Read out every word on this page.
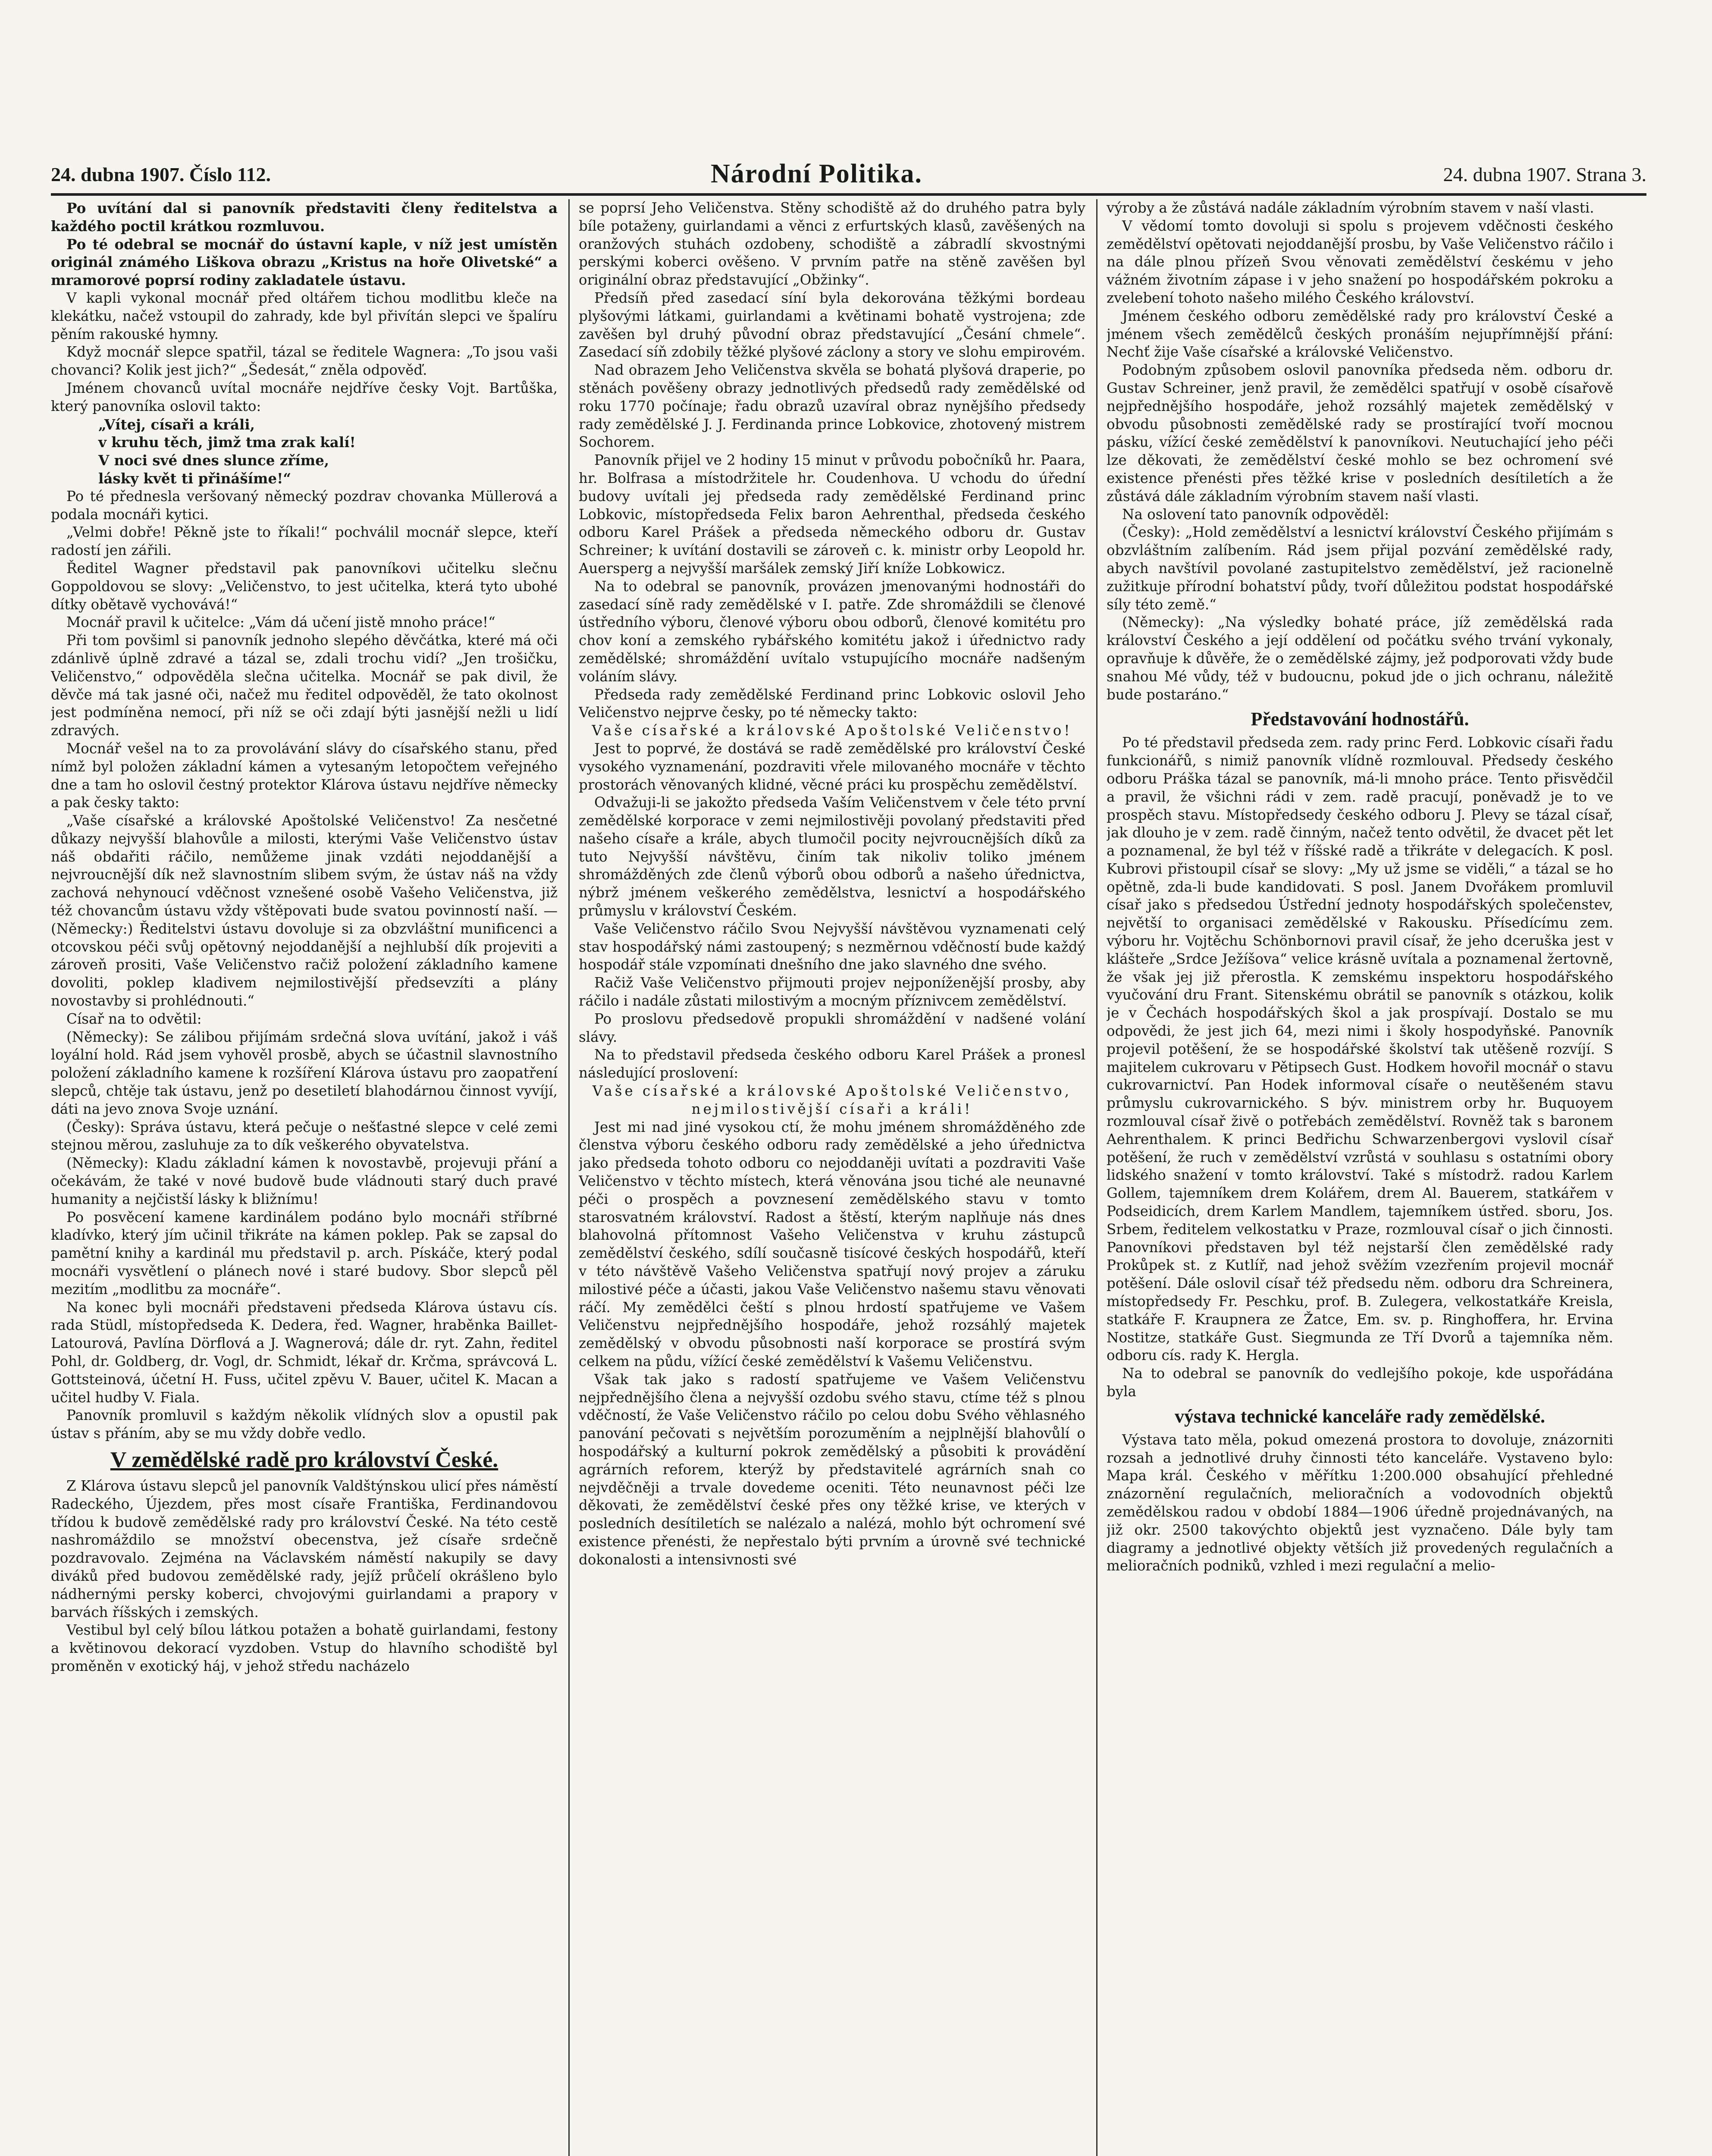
24. dubna 1907. Číslo 112.	Národní Politika.	24. dubna 1907. Strana 3.

Po uvítání dal si panovník představiti členy ředitelstva a každého poctil krátkou rozmluvou.

Po té odebral se mocnář do ústavní kaple, v níž jest umístěn originál známého Liškova obrazu „Kristus na hoře Olivetské“ a mramorové poprsí rodiny zakladatele ústavu.

V kapli vykonal mocnář před oltářem tichou modlitbu kleče na klekátku, načež vstoupil do zahrady, kde byl přivítán slepci ve špalíru pěním rakouské hymny.

Když mocnář slepce spatřil, tázal se ředitele Wagnera: „To jsou vaši chovanci? Kolik jest jich?“ „Šedesát,“ zněla odpověď.

Jménem chovanců uvítal mocnáře nejdříve česky Vojt. Bartůška, který panovníka oslovil takto:

„Vítej, císaři a králi,

v kruhu těch, jimž tma zrak kalí!

V noci své dnes slunce zříme,

lásky květ ti přinášíme!“

Po té přednesla veršovaný německý pozdrav chovanka Müllerová a podala mocnáři kytici.

„Velmi dobře! Pěkně jste to říkali!“ pochválil mocnář slepce, kteří radostí jen zářili.

Ředitel Wagner představil pak panovníkovi učitelku slečnu Goppoldovou se slovy: „Veličenstvo, to jest učitelka, která tyto ubohé dítky obětavě vychovává!“

Mocnář pravil k učitelce: „Vám dá učení jistě mnoho práce!“

Při tom povšiml si panovník jednoho slepého děvčátka, které má oči zdánlivě úplně zdravé a tázal se, zdali trochu vidí? „Jen trošičku, Veličenstvo,“ odpověděla slečna učitelka. Mocnář se pak divil, že děvče má tak jasné oči, načež mu ředitel odpověděl, že tato okolnost jest podmíněna nemocí, při níž se oči zdají býti jasnější nežli u lidí zdravých.

Mocnář vešel na to za provolávání slávy do císařského stanu, před nímž byl položen základní kámen a vytesaným letopočtem veřejného dne a tam ho oslovil čestný protektor Klárova ústavu nejdříve německy a pak česky takto:

„Vaše císařské a královské Apoštolské Veličenstvo! Za nesčetné důkazy nejvyšší blahovůle a milosti, kterými Vaše Veličenstvo ústav náš obdařiti ráčilo, nemůžeme jinak vzdáti nejoddanější a nejvroucnější dík než slavnostním slibem svým, že ústav náš na vždy zachová nehynoucí vděčnost vznešené osobě Vašeho Veličenstva, již též chovancům ústavu vždy vštěpovati bude svatou povinností naší. — (Německy:) Ředitelstvi ústavu dovoluje si za obzvláštní munificenci a otcovskou péči svůj opětovný nejoddanější a nejhlubší dík projeviti a zároveň prositi, Vaše Veličenstvo račiž položení základního kamene dovoliti, poklep kladivem nejmilostivější předsevzíti a plány novostavby si prohlédnouti.“

Císař na to odvětil:

(Německy): Se zálibou přijímám srdečná slova uvítání, jakož i váš loyální hold. Rád jsem vyhověl prosbě, abych se účastnil slavnostního položení základního kamene k rozšíření Klárova ústavu pro zaopatření slepců, chtěje tak ústavu, jenž po desetiletí blahodárnou činnost vyvíjí, dáti na jevo znova Svoje uznání.

(Česky): Správa ústavu, která pečuje o nešťastné slepce v celé zemi stejnou měrou, zasluhuje za to dík veškerého obyvatelstva.

(Německy): Kladu základní kámen k novostavbě, projevuji přání a očekávám, že také v nové budově bude vládnouti starý duch pravé humanity a nejčistší lásky k bližnímu!

Po posvěcení kamene kardinálem podáno bylo mocnáři stříbrné kladívko, který jím učinil třikráte na kámen poklep. Pak se zapsal do pamětní knihy a kardinál mu představil p. arch. Pískáče, který podal mocnáři vysvětlení o plánech nové i staré budovy. Sbor slepců pěl mezitím „modlitbu za mocnáře“.

Na konec byli mocnáři představeni předseda Klárova ústavu cís. rada Stüdl, místopředseda K. Dedera, řed. Wagner, hraběnka Baillet-Latourová, Pavlína Dörflová a J. Wagnerová; dále dr. ryt. Zahn, ředitel Pohl, dr. Goldberg, dr. Vogl, dr. Schmidt, lékař dr. Krčma, správcová L. Gottsteinová, účetní H. Fuss, učitel zpěvu V. Bauer, učitel K. Macan a učitel hudby V. Fiala.

Panovník promluvil s každým několik vlídných slov a opustil pak ústav s přáním, aby se mu vždy dobře vedlo.

V zemědělské radě pro království České.

Z Klárova ústavu slepců jel panovník Valdštýnskou ulicí přes náměstí Radeckého, Újezdem, přes most císaře Františka, Ferdinandovou třídou k budově zemědělské rady pro království České. Na této cestě nashromáždilo se množství obecenstva, jež císaře srdečně pozdravovalo. Zejména na Václavském náměstí nakupily se davy diváků před budovou zemědělské rady, jejíž průčelí okrášleno bylo nádhernými persky koberci, chvojovými guirlandami a prapory v barvách říšských i zemských.

Vestibul byl celý bílou látkou potažen a bohatě guirlandami, festony a květinovou dekorací vyzdoben. Vstup do hlavního schodiště byl proměněn v exotický háj, v jehož středu nacházelo

se poprsí Jeho Veličenstva. Stěny schodiště až do druhého patra byly bíle potaženy, guirlandami a věnci z erfurtských klasů, zavěšených na oranžových stuhách ozdobeny, schodiště a zábradlí skvostnými perskými koberci ověšeno. V prvním patře na stěně zavěšen byl originální obraz představující „Obžinky“.

Předsíň před zasedací síní byla dekorována těžkými bordeau plyšovými látkami, guirlandami a květinami bohatě vystrojena; zde zavěšen byl druhý původní obraz představující „Česání chmele“. Zasedací síň zdobily těžké plyšové záclony a story ve slohu empirovém.

Nad obrazem Jeho Veličenstva skvěla se bohatá plyšová draperie, po stěnách pověšeny obrazy jednotlivých předsedů rady zemědělské od roku 1770 počínaje; řadu obrazů uzavíral obraz nynějšího předsedy rady zemědělské J. J. Ferdinanda prince Lobkovice, zhotovený mistrem Sochorem.

Panovník přijel ve 2 hodiny 15 minut v průvodu pobočníků hr. Paara, hr. Bolfrasa a místodržitele hr. Coudenhova. U vchodu do úřední budovy uvítali jej předseda rady zemědělské Ferdinand princ Lobkovic, místopředseda Felix baron Aehrenthal, předseda českého odboru Karel Prášek a předseda německého odboru dr. Gustav Schreiner; k uvítání dostavili se zároveň c. k. ministr orby Leopold hr. Auersperg a nejvyšší maršálek zemský Jiří kníže Lobkowicz.

Na to odebral se panovník, provázen jmenovanými hodnostáři do zasedací síně rady zemědělské v I. patře. Zde shromáždili se členové ústředního výboru, členové výboru obou odborů, členové komitétu pro chov koní a zemského rybářského komitétu jakož i úřednictvo rady zemědělské; shromáždění uvítalo vstupujícího mocnáře nadšeným voláním slávy.

Předseda rady zemědělské Ferdinand princ Lobkovic oslovil Jeho Veličenstvo nejprve česky, po té německy takto:

Vaše císařské a královské Apoštolské Veličenstvo!

Jest to poprvé, že dostává se radě zemědělské pro království České vysokého vyznamenání, pozdraviti vřele milovaného mocnáře v těchto prostorách věnovaných klidné, věcné práci ku prospěchu zemědělství.

Odvažuji-li se jakožto předseda Vaším Veličenstvem v čele této první zemědělské korporace v zemi nejmilostivěji povolaný představiti před našeho císaře a krále, abych tlumočil pocity nejvroucnějších díků za tuto Nejvyšší návštěvu, činím tak nikoliv toliko jménem shromážděných zde členů výborů obou odborů a našeho úřednictva, nýbrž jménem veškerého zemědělstva, lesnictví a hospodářského průmyslu v království Českém.

Vaše Veličenstvo ráčilo Svou Nejvyšší návštěvou vyznamenati celý stav hospodářský námi zastoupený; s nezměrnou vděčností bude každý hospodář stále vzpomínati dnešního dne jako slavného dne svého.

Račiž Vaše Veličenstvo přijmouti projev nejponíženější prosby, aby ráčilo i nadále zůstati milostivým a mocným příznivcem zemědělství.

Po proslovu předsedově propukli shromáždění v nadšené volání slávy.

Na to představil předseda českého odboru Karel Prášek a pronesl následující proslovení:

Vaše císařské a královské Apoštolské Veličenstvo, nejmilostivější císaři a králi!

Jest mi nad jiné vysokou ctí, že mohu jménem shromážděného zde členstva výboru českého odboru rady zemědělské a jeho úřednictva jako předseda tohoto odboru co nejoddaněji uvítati a pozdraviti Vaše Veličenstvo v těchto místech, která věnována jsou tiché ale neunavné péči o prospěch a povznesení zemědělského stavu v tomto starosvatném království. Radost a štěstí, kterým naplňuje nás dnes blahovolná přítomnost Vašeho Veličenstva v kruhu zástupců zemědělství českého, sdílí současně tisícové českých hospodářů, kteří v této návštěvě Vašeho Veličenstva spatřují nový projev a záruku milostivé péče a účasti, jakou Vaše Veličenstvo našemu stavu věnovati ráčí. My zemědělci čeští s plnou hrdostí spatřujeme ve Vašem Veličenstvu nejpřednějšího hospodáře, jehož rozsáhlý majetek zemědělský v obvodu působnosti naší korporace se prostírá svým celkem na půdu, vížící české zemědělství k Vašemu Veličenstvu.

Však tak jako s radostí spatřujeme ve Vašem Veličenstvu nejpřednějšího člena a nejvyšší ozdobu svého stavu, ctíme též s plnou vděčností, že Vaše Veličenstvo ráčilo po celou dobu Svého věhlasného panování pečovati s největším porozuměním a nejplnější blahovůlí o hospodářský a kulturní pokrok zemědělský a působiti k provádění agrárních reforem, kterýž by představitelé agrárních snah co nejvděčněji a trvale dovedeme oceniti. Této neunavnost péči lze děkovati, že zemědělství české přes ony těžké krise, ve kterých v posledních desítiletích se nalézalo a nalézá, mohlo být ochromení své existence přenésti, že nepřestalo býti prvním a úrovně své technické dokonalosti a intensivnosti své

výroby a že zůstává nadále základním výrobním stavem v naší vlasti.

V vědomí tomto dovoluji si spolu s projevem vděčnosti českého zemědělství opětovati nejoddanější prosbu, by Vaše Veličenstvo ráčilo i na dále plnou přízeň Svou věnovati zemědělství českému v jeho vážném životním zápase i v jeho snažení po hospodářském pokroku a zvelebení tohoto našeho milého Českého království.

Jménem českého odboru zemědělské rady pro království České a jménem všech zemědělců českých pronáším nejupřímnější přání: Nechť žije Vaše císařské a královské Veličenstvo.

Podobným způsobem oslovil panovníka předseda něm. odboru dr. Gustav Schreiner, jenž pravil, že zemědělci spatřují v osobě císařově nejpřednějšího hospodáře, jehož rozsáhlý majetek zemědělský v obvodu působnosti zemědělské rady se prostírající tvoří mocnou pásku, vížící české zemědělství k panovníkovi. Neutuchající jeho péči lze děkovati, že zemědělství české mohlo se bez ochromení své existence přenésti přes těžké krise v posledních desítiletích a že zůstává dále základním výrobním stavem naší vlasti.

Na oslovení tato panovník odpověděl:

(Česky): „Hold zemědělství a lesnictví království Českého přijímám s obzvláštním zalíbením. Rád jsem přijal pozvání zemědělské rady, abych navštívil povolané zastupitelstvo zemědělství, jež racionelně zužitkuje přírodní bohatství půdy, tvoří důležitou podstat hospodářské síly této země.“

(Německy): „Na výsledky bohaté práce, jíž zemědělská rada království Českého a její oddělení od počátku svého trvání vykonaly, opravňuje k důvěře, že o zemědělské zájmy, jež podporovati vždy bude snahou Mé vůdy, též v budoucnu, pokud jde o jich ochranu, náležitě bude postaráno.“

Představování hodnostářů.

Po té představil předseda zem. rady princ Ferd. Lobkovic císaři řadu funkcionářů, s nimiž panovník vlídně rozmlouval. Předsedy českého odboru Práška tázal se panovník, má-li mnoho práce. Tento přisvědčil a pravil, že všichni rádi v zem. radě pracují, poněvadž je to ve prospěch stavu. Místopředsedy českého odboru J. Plevy se tázal císař, jak dlouho je v zem. radě činným, načež tento odvětil, že dvacet pět let a poznamenal, že byl též v říšské radě a třikráte v delegacích. K posl. Kubrovi přistoupil císař se slovy: „My už jsme se viděli,“ a tázal se ho opětně, zda-li bude kandidovati. S posl. Janem Dvořákem promluvil císař jako s předsedou Ústřední jednoty hospodářských společenstev, největší to organisaci zemědělské v Rakousku. Přísedícímu zem. výboru hr. Vojtěchu Schönbornovi pravil císař, že jeho dceruška jest v klášteře „Srdce Ježíšova“ velice krásně uvítala a poznamenal žertovně, že však jej již přerostla. K zemskému inspektoru hospodářského vyučování dru Frant. Sitenskému obrátil se panovník s otázkou, kolik je v Čechách hospodářských škol a jak prospívají. Dostalo se mu odpovědi, že jest jich 64, mezi nimi i školy hospodyňské. Panovník projevil potěšení, že se hospodářské školství tak utěšeně rozvíjí. S majitelem cukrovaru v Pětipsech Gust. Hodkem hovořil mocnář o stavu cukrovarnictví. Pan Hodek informoval císaře o neutěšeném stavu průmyslu cukrovarnického. S býv. ministrem orby hr. Buquoyem rozmlouval císař živě o potřebách zemědělství. Rovněž tak s baronem Aehrenthalem. K princi Bedřichu Schwarzenbergovi vyslovil císař potěšení, že ruch v zemědělství vzrůstá v souhlasu s ostatními obory lidského snažení v tomto království. Také s místodrž. radou Karlem Gollem, tajemníkem drem Kolářem, drem Al. Bauerem, statkářem v Podseidicích, drem Karlem Mandlem, tajemníkem ústřed. sboru, Jos. Srbem, ředitelem velkostatku v Praze, rozmlouval císař o jich činnosti. Panovníkovi představen byl též nejstarší člen zemědělské rady Prokůpek st. z Kutlíř, nad jehož svěžím vzezřením projevil mocnář potěšení. Dále oslovil císař též předsedu něm. odboru dra Schreinera, místopředsedy Fr. Peschku, prof. B. Zulegera, velkostatkáře Kreisla, statkáře F. Kraupnera ze Žatce, Em. sv. p. Ringhoffera, hr. Ervina Nostitze, statkáře Gust. Siegmunda ze Tří Dvorů a tajemníka něm. odboru cís. rady K. Hergla.

Na to odebral se panovník do vedlejšího pokoje, kde uspořádána byla

výstava technické kanceláře rady zemědělské.

Výstava tato měla, pokud omezená prostora to dovoluje, znázorniti rozsah a jednotlivé druhy činnosti této kanceláře. Vystaveno bylo: Mapa král. Českého v měřítku 1:200.000 obsahující přehledné znázornění regulačních, melioračních a vodovodních objektů zemědělskou radou v období 1884—1906 úředně projednávaných, na již okr. 2500 takovýchto objektů jest vyznačeno. Dále byly tam diagramy a jednotlivé objekty větších již provedených regulačních a melioračních podniků, vzhled i mezi regulační a melio-
